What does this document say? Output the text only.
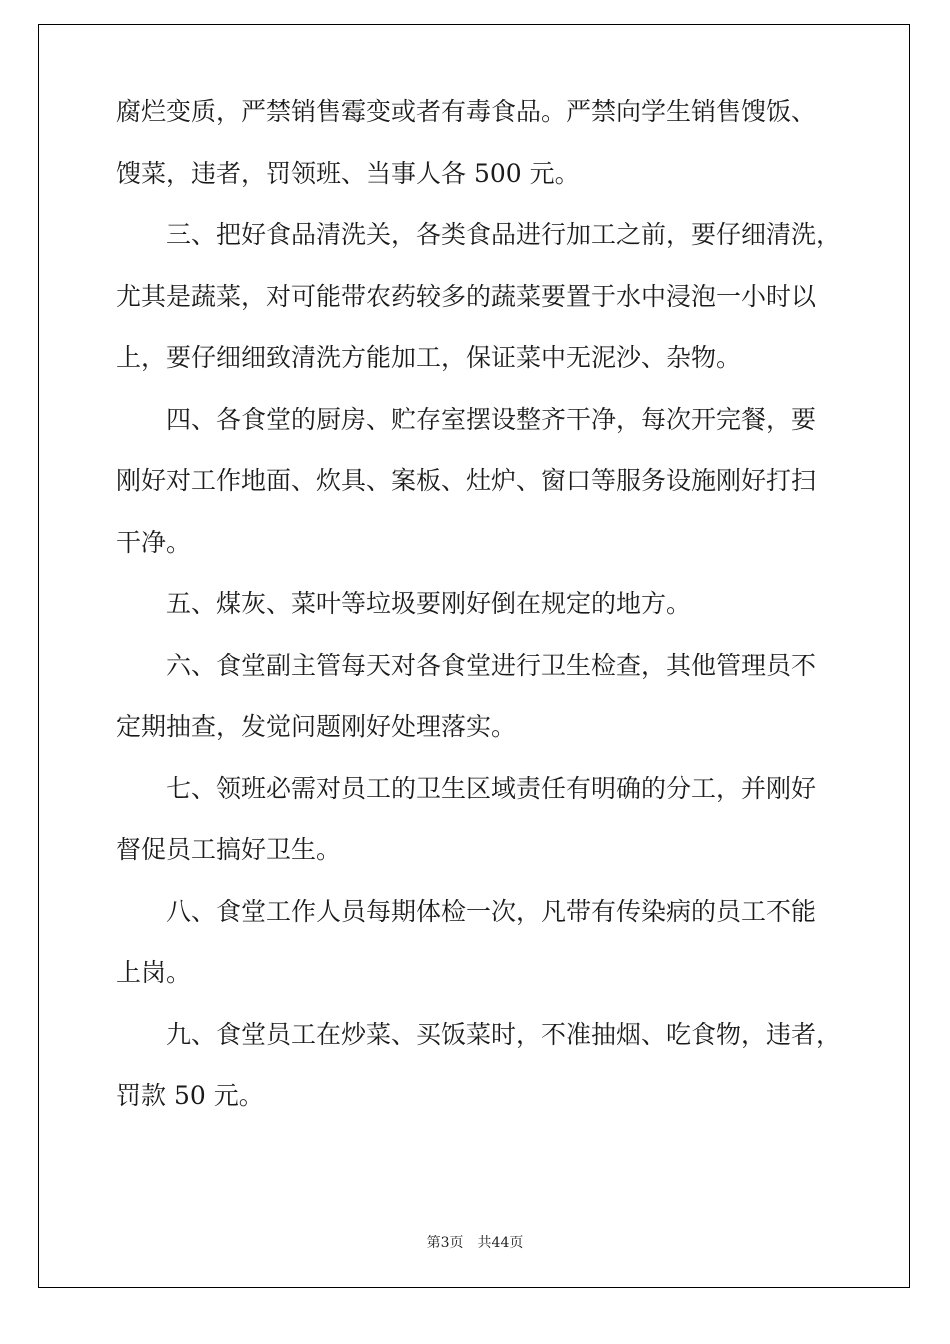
腐烂变质，严禁销售霉变或者有毒食品。严禁向学生销售馊饭、
馊菜，违者，罚领班、当事人各 500 元。
三、把好食品清洗关，各类食品进行加工之前，要仔细清洗，
尤其是蔬菜，对可能带农药较多的蔬菜要置于水中浸泡一小时以
上，要仔细细致清洗方能加工，保证菜中无泥沙、杂物。
四、各食堂的厨房、贮存室摆设整齐干净，每次开完餐，要
刚好对工作地面、炊具、案板、灶炉、窗口等服务设施刚好打扫
干净。
五、煤灰、菜叶等垃圾要刚好倒在规定的地方。
六、食堂副主管每天对各食堂进行卫生检查，其他管理员不
定期抽查，发觉问题刚好处理落实。
七、领班必需对员工的卫生区域责任有明确的分工，并刚好
督促员工搞好卫生。
八、食堂工作人员每期体检一次，凡带有传染病的员工不能
上岗。
九、食堂员工在炒菜、买饭菜时，不准抽烟、吃食物，违者，
罚款 50 元。
第3页 共44页
